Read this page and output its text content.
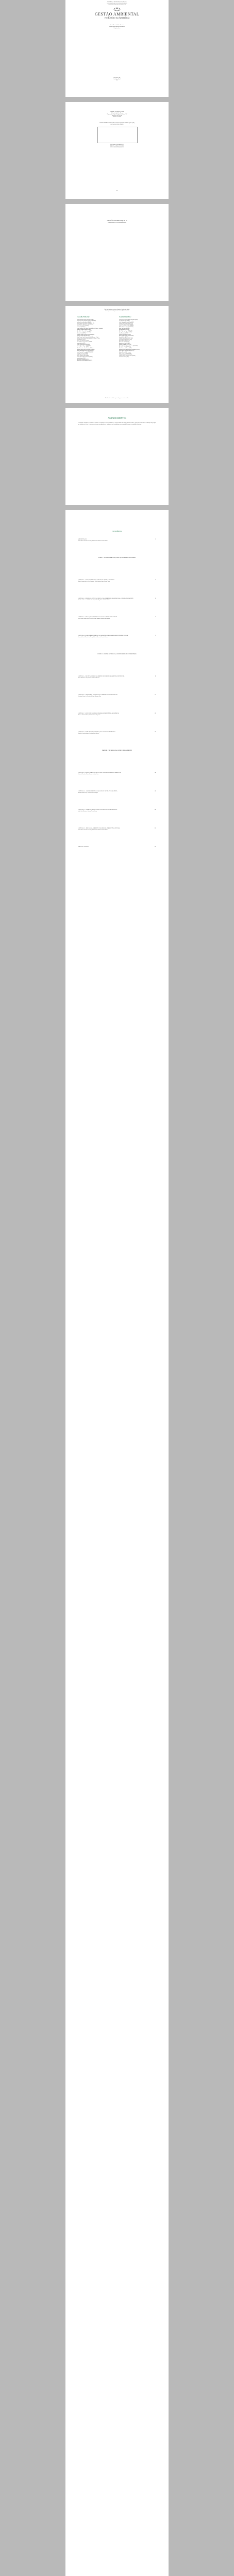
REPÚBLICA FEDERATIVA DO BRASIL
UNIVERSIDADE DO ESTADO DO PARÁ
PROGRAMA DE PÓS-GRADUAÇÃO
GESTÃO AMBIENTAL
e o Ensino na Amazônia
José Alberto da Silva Ferreira
Maria Luiza Barbosa Lima Matos
Organizadores
EDITORA CRV
Curitiba – Brasil
2019
Copyright © da Editora CRV Ltda.
Editor-chefe: Railson Moura
Diagramação e Capa: Designers da Editora CRV
Imagem de capa: Freepik
Revisão: Os Autores
DADOS INTERNACIONAIS DE CATALOGAÇÃO NA PUBLICAÇÃO (CIP)
CATALOGAÇÃO NA FONTE
ISBN Digital 978-85-444-3474-7
ISBN Físico 978-85-444-3473-0
DOI 10.24824/978854443473.0
2019
GESTÃO AMBIENTAL E O
ENSINO NA AMAZÔNIA
Esta obra também encontra-se disponível em formato digital.
Conheça os nossos lançamentos: www.editoracrv.com.br
Conselho Editorial:	Comitê Científico:
Aldira Guimarães Duarte Domínguez (UNB)
Andréia da Silva Quintanilha Sousa (UNIR/UFRN)
Antônio Pereira Gaio Júnior (UFRRJ)
Carlos Alberto Vilar Estêvão (UMINHO – PT)
Carlos Federico Dominguez Avila (Unieuro)
Carmen Tereza Velanga (UNIR)
Celso Conti (UFSCar)
Cesar Gerónimo Tello (Univer. Nacional Três de Febrero – Argentina)
Eduardo Fernandes Barbosa (UFMG)
Elione Maria Nogueira Diogenes (UFAL)
Elizeu Clementino de Souza (UNEB)
Élsio José Corá (UFFS)
Fernando Antônio Gonçalves Alcoforado (IPB)
Francisco Carlos Duarte (PUC-PR)
Gloria Fariñas León (Universidade de La Havana – Cuba)
Guillermo Arias Beatón (Universidade de La Havana – Cuba)
Helmuth Krüger (UCP)
Jailson Alves dos Santos (UFRJ)
João Adalberto Campato Junior (UNESP)
Josania Portela (UFPI)
Leonel Severo Rocha (UNISINOS)
Lídia de Oliveira Xavier (UNIEURO)
Lourdes Helena da Silva (UFV)
Maria Cristina dos Santos Bezerra (UFSCar)
Maria de Lourdes Pinto de Almeida (UNOESC)
Maria Lília Imbiriba Sousa Colares (UFOPA)
Paulo Romualdo Hernandes (UNIFAL-MG)
Rodrigo Pratte-Santos (UFES)
Sérgio Nunes de Jesus (IFRO)
Simone Rodrigues Pinto (UNB)
Solange Helena Ximenes-Rocha (UFOPA)
Sydione Santos (UEPG)
Tadeu Oliver Gonçalves (UFPA)
Tania Suely Azevedo Brasileiro (UFOPA)
Adriane Piovezan (Faculdades Integradas Espírita)
Alexandre Pierezan (UFMS)
Andre Eduardo Ribeiro da Silva (IFSP)
Antonio Jose Teixeira Guerra (UFRJ)
Antonio Nivaldo Hespanhol (UNESP)
Carlos de Castro Neves Neto (UNESP)
Edilson Soares de Souza (FABAPAR)
Eliane Taís Gomes (UFAM)
Estevan Bartoli (UNIFESP)
Fabio Eduardo Cressoni (UNILAB)
Gilmara Yoshihara Franco (UNIR)
Jairo Marchesan (UNC)
Jussara Fraga Portugal (UNEB)
Karla Rosário Brumes (UNICENTRO)
Leandro Baller (UFGD)
Lindon Fonseca Matias (UNICAMP)
Luiz Guilherme de Oliveira (UnB)
Marcel Mendes (Mackenzie)
Marcio Jose Ornat (UEPG)
Marcio Luiz Carreri (UENP)
Maurilio Rompatto (UNESPAR)
Mauro Henrique de Barros Amoroso (FEBF/UERJ)
Michel Kobelinski (UNESPAR)
Rafael Guarato dos Santos (UFG)
Rosangela Aparecida de Medeiros Hespanhol (UNESP)
Sérgio Murilo Santos de Araújo (UFCG)
Simone Rocha (UnC)
Sylvio Fausto Gil Filho (UFPR)
Valdemir Antoneli (UNICENTRO)
Venilson Luciano Benigno Fonseca (IFMG)
Vera Lúcia Caixeta (UFT)
Este livro foi avaliado e aprovado por pareceristas ad hoc.
AGRADECIMENTOS
À Fundação Amazônia de Amparo a Estudos e Pesquisas do Pará (FAPESPA) e à Universidade do Estado do Pará (UEPA), pelo apoio concedido à realização da pesquisa que originou este livro. A todos os professores, pesquisadores e estudantes que contribuíram com seus trabalhos para a construção desta obra.
SUMÁRIO
APRESENTAÇÃO	11
José Alberto da Silva Ferreira, Maria Luiza Barbosa Lima Matos
PARTE I – GESTÃO AMBIENTAL, EDUCAÇÃO AMBIENTAL E ENSINO
CAPÍTULO 1 – GESTÃO AMBIENTAL: UM OLHAR SOBRE A AMAZÔNIA	15
Márcia Aparecida da Silva Pimentel, Kátia Regina Lopes Costa Freire
CAPÍTULO 2 – ENSINO DE CIÊNCIAS E EDUCAÇÃO AMBIENTAL: DESAFIOS PARA A FORMAÇÃO DOCENTE	37
Rosália do Socorro da Silva Corrêa, Nadia Magalhães da Silva Freitas
CAPÍTULO 3 – EDUCAÇÃO AMBIENTAL NA ESCOLA: PRÁTICAS E SABERES	55
Luiz Carlos Araújo Vieira, Ana Cristina Pimentel Carneiro de Almeida
CAPÍTULO 4 – OS RECURSOS HÍDRICOS NA AMAZÔNIA: UMA ABORDAGEM INTERDISCIPLINAR	73
Fernando José Pereira da Costa, João de Deus dos Santos Pereira
PARTE II – POLÍTICAS PÚBLICAS, SUSTENTABILIDADE E TERRITÓRIO
CAPÍTULO 5 – POLÍTICAS PÚBLICAS AMBIENTAIS E DESENVOLVIMENTO SUSTENTÁVEL	93
Bruno Monteiro Lima, Renata de Souza Moraes
CAPÍTULO 6 – TERRITÓRIO, IDENTIDADE E COMUNIDADES TRADICIONAIS	111
Cristiane Nunes de Oliveira, Helena Marques Dias
CAPÍTULO 7 – GESTÃO DE RESÍDUOS SÓLIDOS EM MUNICÍPIOS AMAZÔNICOS	129
Marcos Antônio Ribeiro, Patrícia Alves Nogueira
CAPÍTULO 8 – UNIDADES DE CONSERVAÇÃO E GESTÃO PARTICIPATIVA	147
Ricardo Ferreira Santos, Luciana Melo Barros
PARTE III – TECNOLOGIAS, SAÚDE E MEIO AMBIENTE
CAPÍTULO 9 – GEOTECNOLOGIAS APLICADAS AO MONITORAMENTO AMBIENTAL	167
Eduardo Cardoso Pinto, Simone Araújo Lima
CAPÍTULO 10 – SAÚDE AMBIENTAL E QUALIDADE DE VIDA NA AMAZÔNIA	185
Tatiana Rocha Leite, Gabriel Souza Campos
CAPÍTULO 11 – ENERGIAS RENOVÁVEIS E SUSTENTABILIDADE REGIONAL	203
André Luiz Moreira, Juliana Farias Costa
CAPÍTULO 12 – EDUCAÇÃO, AMBIENTE E SOCIEDADE: PERSPECTIVAS FUTURAS	221
José Alberto da Silva Ferreira, Maria Luiza Barbosa Lima Matos
SOBRE OS AUTORES	239
